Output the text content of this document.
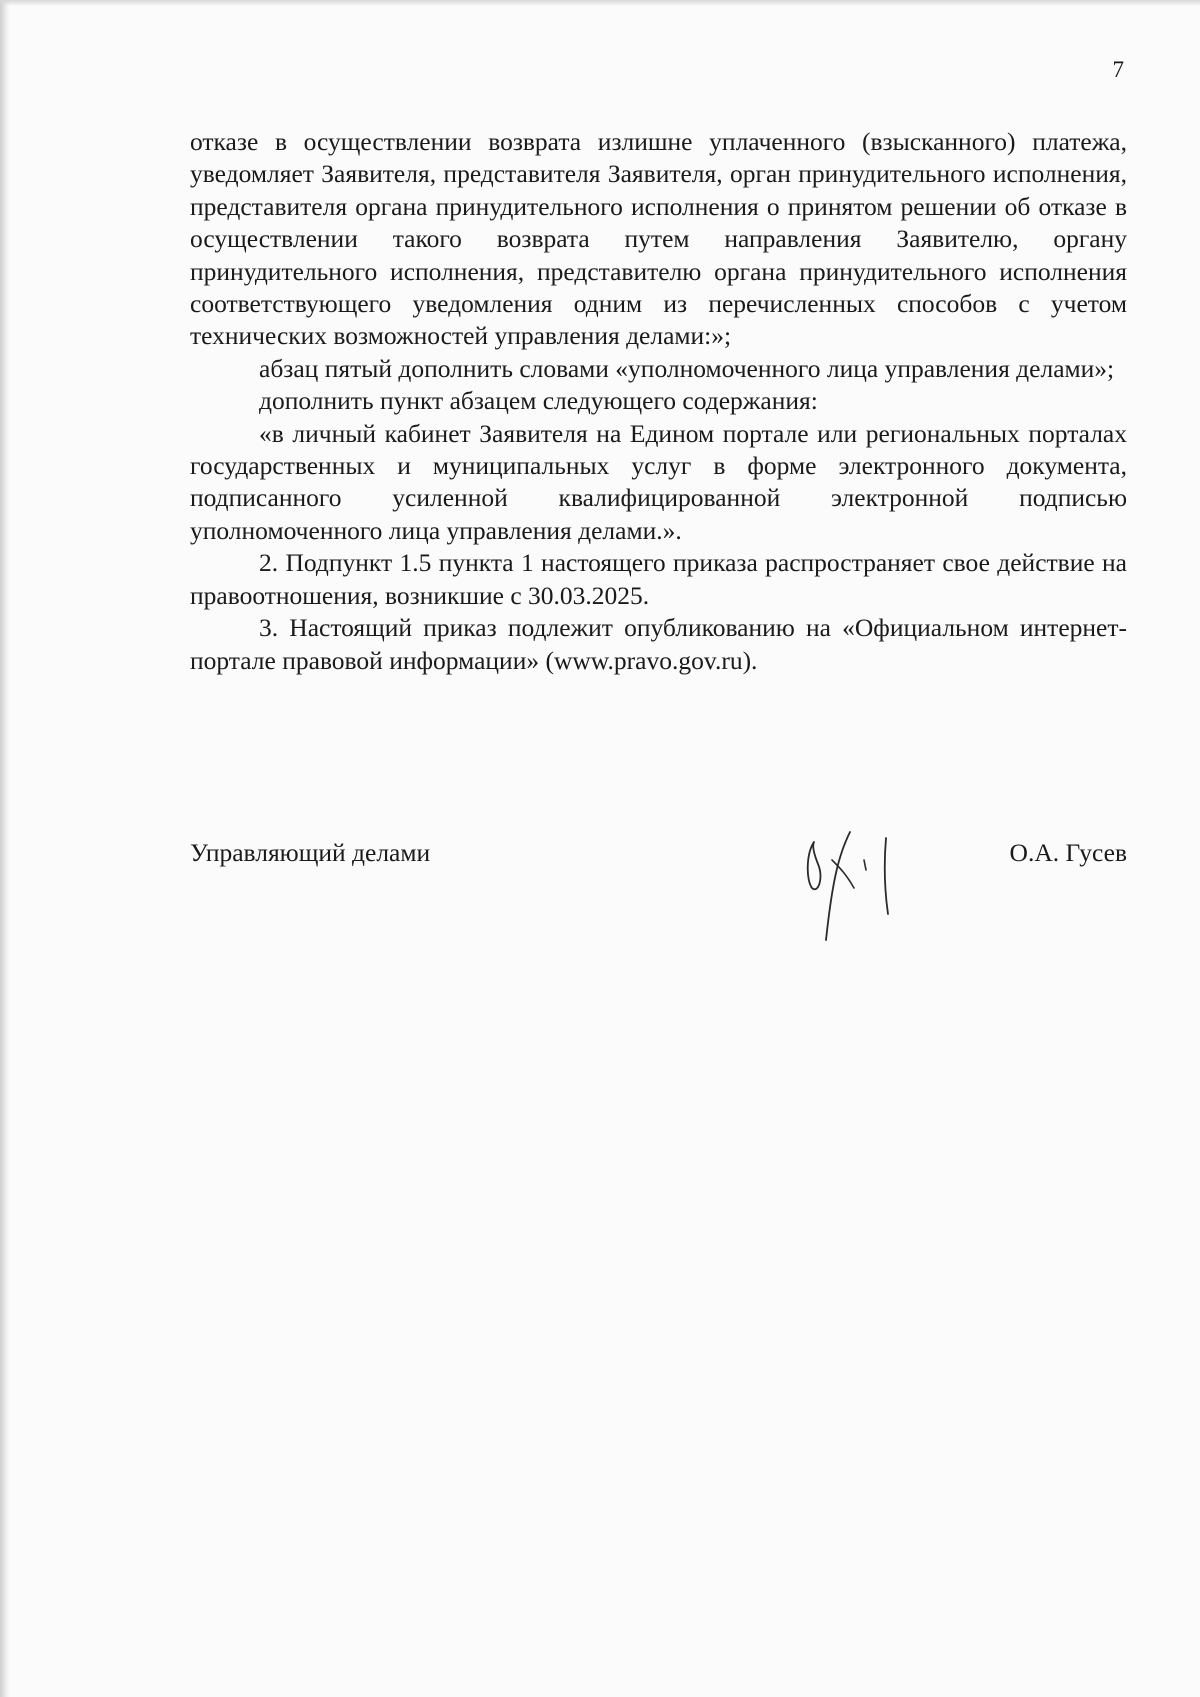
7

отказе в осуществлении возврата излишне уплаченного (взысканного) платежа, уведомляет Заявителя, представителя Заявителя, орган принудительного исполнения, представителя органа принудительного исполнения о принятом решении об отказе в осуществлении такого возврата путем направления Заявителю, органу принудительного исполнения, представителю органа принудительного исполнения соответствующего уведомления одним из перечисленных способов с учетом технических возможностей управления делами:»;

абзац пятый дополнить словами «уполномоченного лица управления делами»;

дополнить пункт абзацем следующего содержания:

«в личный кабинет Заявителя на Едином портале или региональных порталах государственных и муниципальных услуг в форме электронного документа, подписанного усиленной квалифицированной электронной подписью уполномоченного лица управления делами.».

2. Подпункт 1.5 пункта 1 настоящего приказа распространяет свое действие на правоотношения, возникшие с 30.03.2025.

3. Настоящий приказ подлежит опубликованию на «Официальном интернет-портале правовой информации» (www.pravo.gov.ru).

Управляющий делами	О.А. Гусев
